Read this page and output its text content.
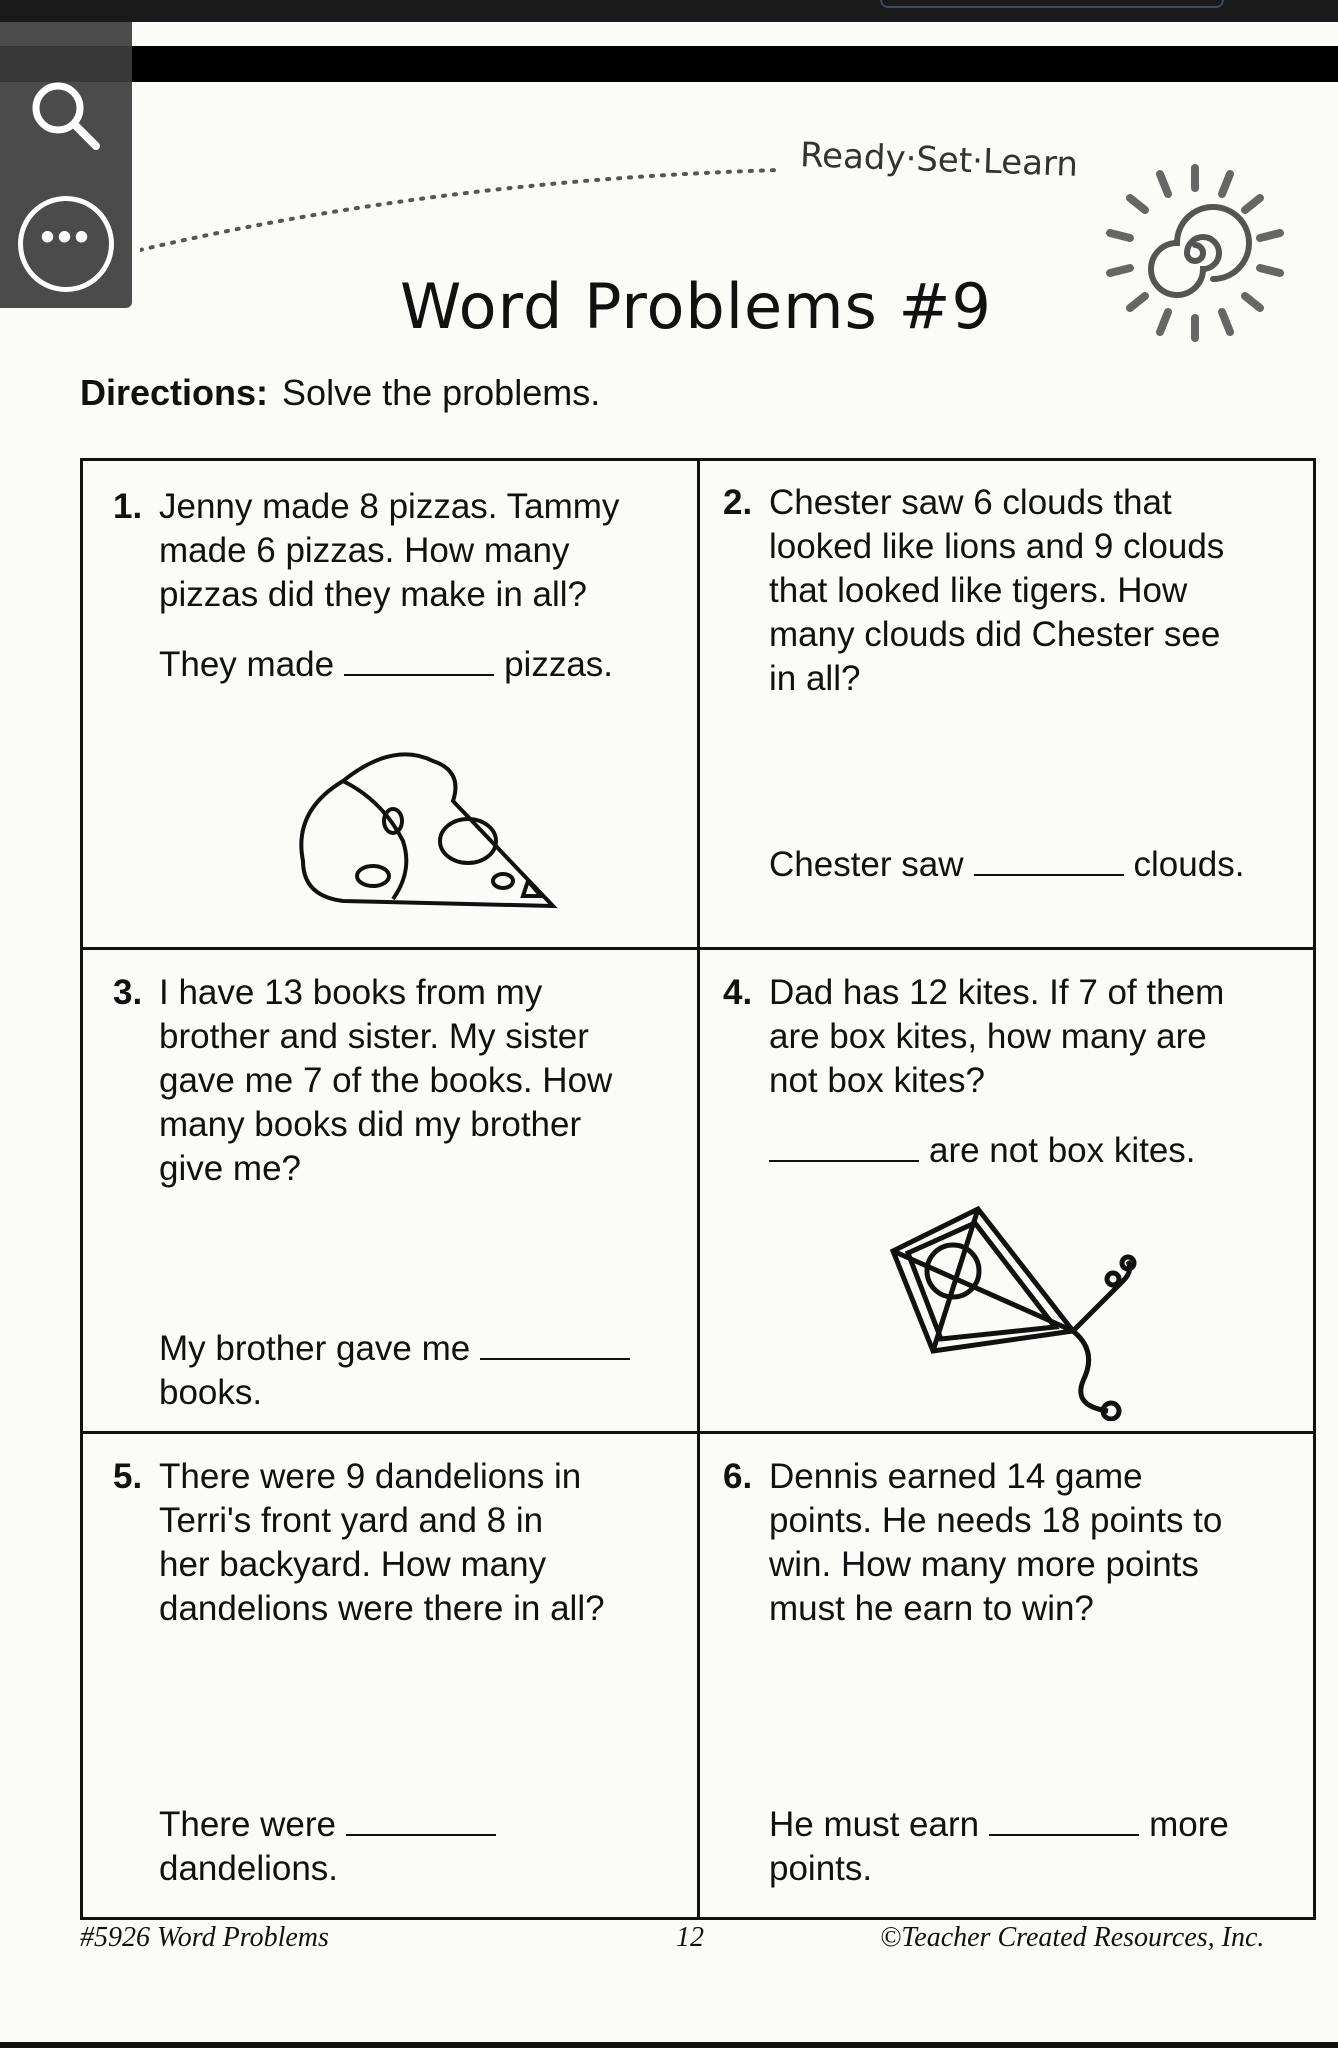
Ready·Set·Learn
Word Problems #9
Directions: Solve the problems.
1. Jenny made 8 pizzas. Tammy
made 6 pizzas. How many
pizzas did they make in all?
They made	pizzas.
2. Chester saw 6 clouds that
looked like lions and 9 clouds
that looked like tigers. How
many clouds did Chester see
in all?
Chester saw	clouds.
3. I have 13 books from my
brother and sister. My sister
gave me 7 of the books. How
many books did my brother
give me?
My brother gave me
books.
4. Dad has 12 kites. If 7 of them
are box kites, how many are
not box kites?
are not box kites.
5. There were 9 dandelions in
Terri's front yard and 8 in
her backyard. How many
dandelions were there in all?
There were
dandelions.
6. Dennis earned 14 game
points. He needs 18 points to
win. How many more points
must he earn to win?
He must earn	more
points.
#5926 Word Problems	12	©Teacher Created Resources, Inc.
•••
